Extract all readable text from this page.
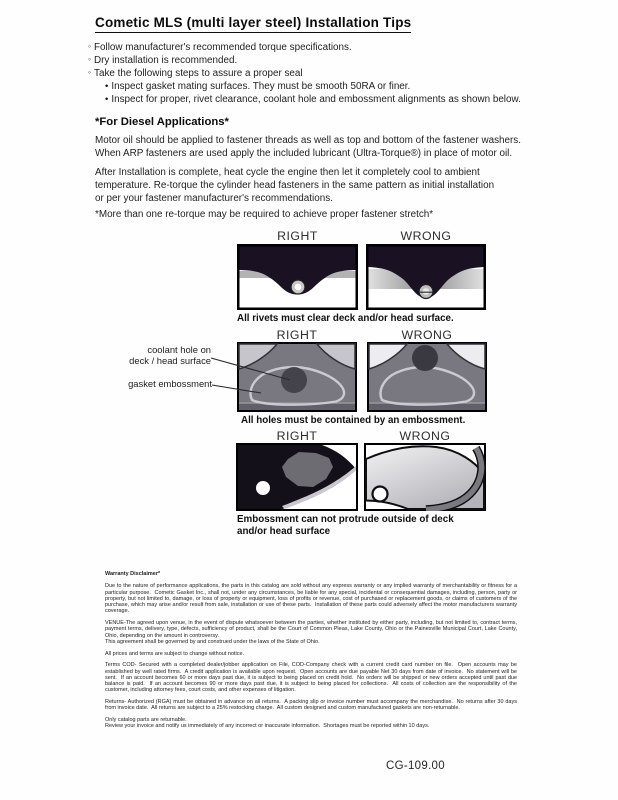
Cometic MLS (multi layer steel) Installation Tips
◦ Follow manufacturer's recommended torque specifications.
◦ Dry installation is recommended.
◦ Take the following steps to assure a proper seal
• Inspect gasket mating surfaces. They must be smooth 50RA or finer.
• Inspect for proper, rivet clearance, coolant hole and embossment alignments as shown below.
*For Diesel Applications*
Motor oil should be applied to fastener threads as well as top and bottom of the fastener washers.
When ARP fasteners are used apply the included lubricant (Ultra-Torque®) in place of motor oil.
After Installation is complete, heat cycle the engine then let it completely cool to ambient
temperature. Re-torque the cylinder head fasteners in the same pattern as initial installation
or per your fastener manufacturer's recommendations.
*More than one re-torque may be required to achieve proper fastener stretch*
RIGHT	WRONG
All rivets must clear deck and/or head surface.
RIGHT	WRONG
coolant hole on
deck / head surface
gasket embossment
All holes must be contained by an embossment.
RIGHT	WRONG
Embossment can not protrude outside of deck
and/or head surface

Warranty Disclaimer*

Due to the nature of performance applications, the parts in this catalog are sold without any express warranty or any implied warranty of merchantability or fitness for a particular purpose.  Cometic Gasket Inc., shall not, under any circumstances, be liable for any special, incidental or consequential damages, including, person, party or property, but not limited to, damage, or loss of property or equipment, loss of profits or revenue, cost of purchased or replacement goods, or claims of customers of the purchase, which may arise and/or result from sale, installation or use of these parts.  Installation of these parts could adversely affect the motor manufacturers warranty coverage.

VENUE-The agreed upon venue, in the event of dispute whatsoever between the parties, whether instituted by either party, including, but not limited to, contract terms, payment terms, delivery, type, defects, sufficiency of product, shall be the Court of Common Pleas, Lake County, Ohio or the Painesville Municipal Court, Lake County, Ohio, depending on the amount in controversy.

This agreement shall be governed by and construed under the laws of the State of Ohio.

All prices and terms are subject to change without notice.

Terms COD- Secured with a completed dealer/jobber application on File, COD-Company check with a current credit card number on file.  Open accounts may be established by well rated firms.  A credit application is available upon request.  Open accounts are due payable Net 30 days from date of invoice.  No statement will be sent.  If an account becomes 60 or more days past due, it is subject to being placed on credit hold.  No orders will be shipped or new orders accepted until past due balance is paid.  If an account becomes 90 or more days past due, it is subject to being placed for collections.  All costs of collection are the responsibility of the customer, including attorney fees, court costs, and other expenses of litigation.

Returns- Authorized (RGA) must be obtained in advance on all returns.  A packing slip or invoice number must accompany the merchandise.  No returns after 30 days from invoice date.  All returns are subject to a 25% restocking charge.  All custom designed and custom manufactured gaskets are non-returnable.

Only catalog parts are returnable.

Review your invoice and notify us immediately of any incorrect or inaccurate information.  Shortages must be reported within 10 days.

CG-109.00
